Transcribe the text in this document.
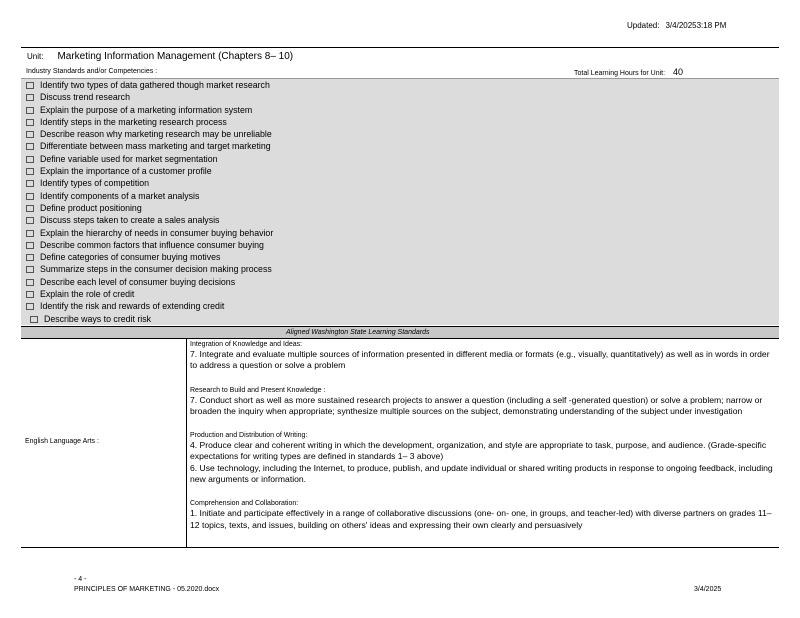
Updated: 3/4/20253:18 PM
Unit: Marketing Information Management (Chapters 8– 10)
Industry Standards and/or Competencies :	Total Learning Hours for Unit: 40
Identify two types of data gathered though market research
Discuss trend research
Explain the purpose of a marketing information system
Identify steps in the marketing research process
Describe reason why marketing research may be unreliable
Differentiate between mass marketing and target marketing
Define variable used for market segmentation
Explain the importance of a customer profile
Identify types of competition
Identify components of a market analysis
Define product positioning
Discuss steps taken to create a sales analysis
Explain the hierarchy of needs in consumer buying behavior
Describe common factors that influence consumer buying
Define categories of consumer buying motives
Summarize steps in the consumer decision making process
Describe each level of consumer buying decisions
Explain the role of credit
Identify the risk and rewards of extending credit
Describe ways to credit risk
Aligned Washington State Learning Standards
English Language Arts :
Integration of Knowledge and Ideas:
7. Integrate and evaluate multiple sources of information presented in different media or formats (e.g., visually, quantitatively) as well as in words in order to address a question or solve a problem
Research to Build and Present Knowledge :
7. Conduct short as well as more sustained research projects to answer a question (including a self -generated question) or solve a problem; narrow or broaden the inquiry when appropriate; synthesize multiple sources on the subject, demonstrating understanding of the subject under investigation
Production and Distribution of Writing:
4. Produce clear and coherent writing in which the development, organization, and style are appropriate to task, purpose, and audience. (Grade-specific expectations for writing types are defined in standards 1– 3 above)
6. Use technology, including the Internet, to produce, publish, and update individual or shared writing products in response to ongoing feedback, including new arguments or information.
Comprehension and Collaboration:
1. Initiate and participate effectively in a range of collaborative discussions (one- on- one, in groups, and teacher-led) with diverse partners on grades 11–12 topics, texts, and issues, building on others' ideas and expressing their own clearly and persuasively
- 4 -
PRINCIPLES OF MARKETING - 05.2020.docx	3/4/2025
